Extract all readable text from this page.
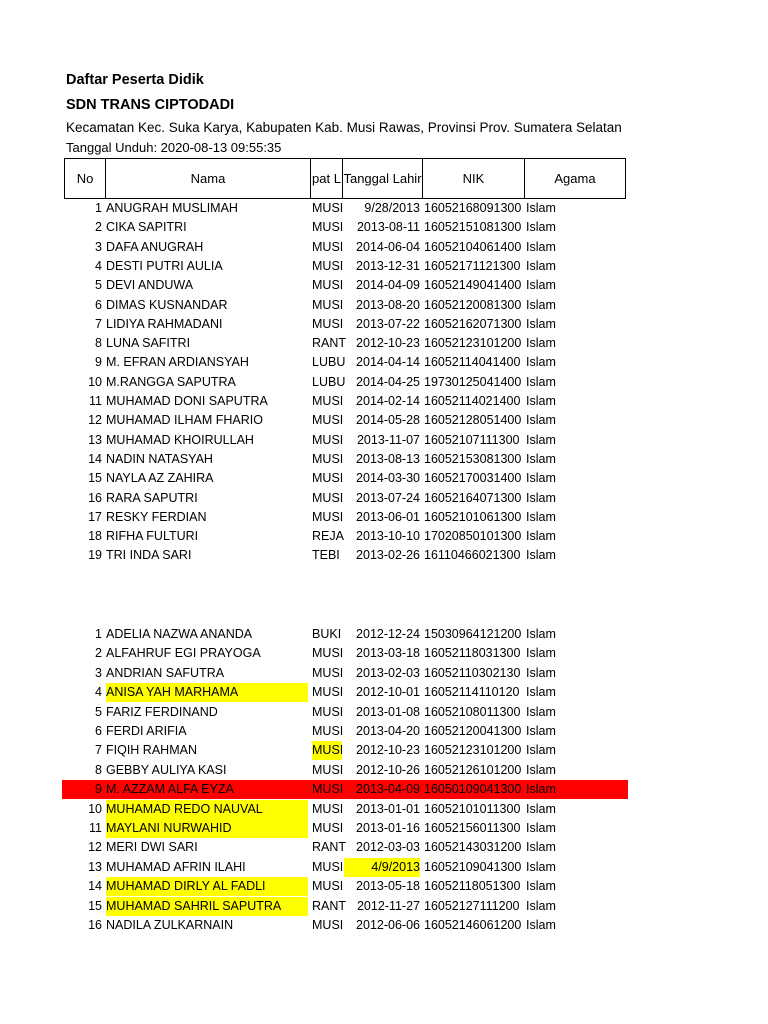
Daftar Peserta Didik
SDN TRANS CIPTODADI
Kecamatan Kec. Suka Karya, Kabupaten Kab. Musi Rawas, Provinsi Prov. Sumatera Selatan
Tanggal Unduh: 2020-08-13 09:55:35
No	Nama	pat L Tanggal Lahir	NIK	Agama
1 ANUGRAH MUSLIMAH	MUSI	9/28/2013 16052168091300 Islam
2 CIKA SAPITRI	MUSI	2013-08-11 16052151081300 Islam
3 DAFA ANUGRAH	MUSI	2014-06-04 16052104061400 Islam
4 DESTI PUTRI AULIA	MUSI	2013-12-31 16052171121300 Islam
5 DEVI ANDUWA	MUSI	2014-04-09 16052149041400 Islam
6 DIMAS KUSNANDAR	MUSI	2013-08-20 16052120081300 Islam
7 LIDIYA RAHMADANI	MUSI	2013-07-22 16052162071300 Islam
8 LUNA SAFITRI	RANT 2012-10-23 16052123101200 Islam
9 M. EFRAN ARDIANSYAH	LUBU 2014-04-14 16052114041400 Islam
10 M.RANGGA SAPUTRA	LUBU 2014-04-25 19730125041400 Islam
11 MUHAMAD DONI SAPUTRA	MUSI	2014-02-14 16052114021400 Islam
12 MUHAMAD ILHAM FHARIO	MUSI	2014-05-28 16052128051400 Islam
13 MUHAMAD KHOIRULLAH	MUSI	2013-11-07 16052107111300 Islam
14 NADIN NATASYAH	MUSI	2013-08-13 16052153081300 Islam
15 NAYLA AZ ZAHIRA	MUSI	2014-03-30 16052170031400 Islam
16 RARA SAPUTRI	MUSI	2013-07-24 16052164071300 Islam
17 RESKY FERDIAN	MUSI	2013-06-01 16052101061300 Islam
18 RIFHA FULTURI	REJA 2013-10-10 17020850101300 Islam
19 TRI INDA SARI	TEBI	2013-02-26 16110466021300 Islam
1 ADELIA NAZWA ANANDA	BUKI	2012-12-24 15030964121200 Islam
2 ALFAHRUF EGI PRAYOGA	MUSI	2013-03-18 16052118031300 Islam
3 ANDRIAN SAFUTRA	MUSI	2013-02-03 16052110302130 Islam
4 ANISA YAH MARHAMA	MUSI	2012-10-01 16052114110120 Islam
5 FARIZ FERDINAND	MUSI	2013-01-08 16052108011300 Islam
6 FERDI ARIFIA	MUSI	2013-04-20 16052120041300 Islam
7 FIQIH RAHMAN	MUSI	2012-10-23 16052123101200 Islam
8 GEBBY AULIYA KASI	MUSI	2012-10-26 16052126101200 Islam
9 M. AZZAM ALFA EYZA	MUSI	2013-04-09 16050109041300 Islam
10 MUHAMAD REDO NAUVAL	MUSI	2013-01-01 16052101011300 Islam
11 MAYLANI NURWAHID	MUSI	2013-01-16 16052156011300 Islam
12 MERI DWI SARI	RANT 2012-03-03 16052143031200 Islam
13 MUHAMAD AFRIN ILAHI	MUSI	4/9/2013 16052109041300 Islam
14 MUHAMAD DIRLY AL FADLI	MUSI	2013-05-18 16052118051300 Islam
15 MUHAMAD SAHRIL SAPUTRA	RANT 2012-11-27 16052127111200 Islam
16 NADILA ZULKARNAIN	MUSI	2012-06-06 16052146061200 Islam
